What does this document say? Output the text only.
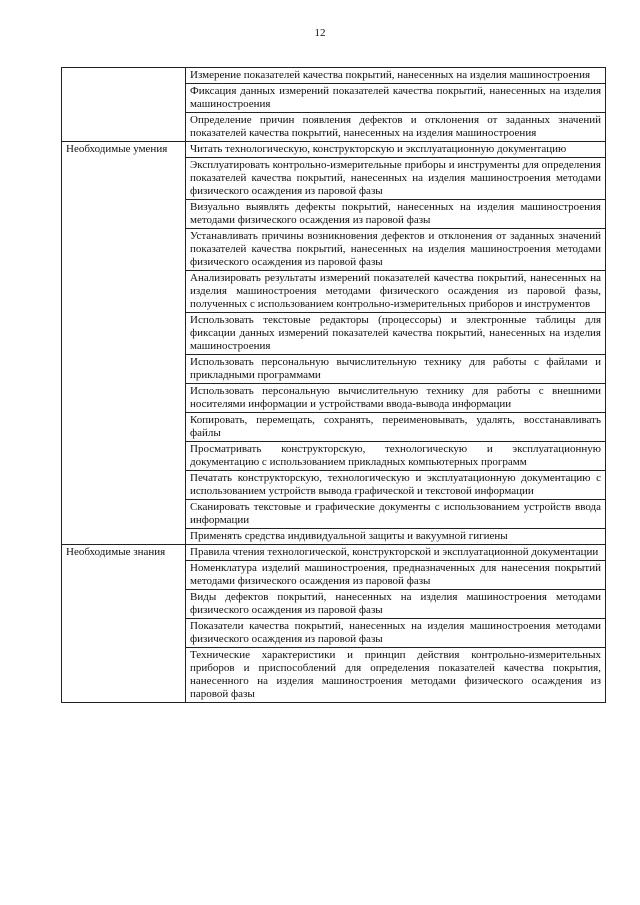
12
	Измерение показателей качества покрытий, нанесенных на изделия машиностроения
	Фиксация данных измерений показателей качества покрытий, нанесенных на изделия машиностроения
	Определение причин появления дефектов и отклонения от заданных значений показателей качества покрытий, нанесенных на изделия машиностроения
Необходимые умения	Читать технологическую, конструкторскую и эксплуатационную документацию
	Эксплуатировать контрольно-измерительные приборы и инструменты для определения показателей качества покрытий, нанесенных на изделия машиностроения методами физического осаждения из паровой фазы
	Визуально выявлять дефекты покрытий, нанесенных на изделия машиностроения методами физического осаждения из паровой фазы
	Устанавливать причины возникновения дефектов и отклонения от заданных значений показателей качества покрытий, нанесенных на изделия машиностроения методами физического осаждения из паровой фазы
	Анализировать результаты измерений показателей качества покрытий, нанесенных на изделия машиностроения методами физического осаждения из паровой фазы, полученных с использованием контрольно-измерительных приборов и инструментов
	Использовать текстовые редакторы (процессоры) и электронные таблицы для фиксации данных измерений показателей качества покрытий, нанесенных на изделия машиностроения
	Использовать персональную вычислительную технику для работы с файлами и прикладными программами
	Использовать персональную вычислительную технику для работы с внешними носителями информации и устройствами ввода-вывода информации
	Копировать, перемещать, сохранять, переименовывать, удалять, восстанавливать файлы
	Просматривать конструкторскую, технологическую и эксплуатационную документацию с использованием прикладных компьютерных программ
	Печатать конструкторскую, технологическую и эксплуатационную документацию с использованием устройств вывода графической и текстовой информации
	Сканировать текстовые и графические документы с использованием устройств ввода информации
	Применять средства индивидуальной защиты и вакуумной гигиены
Необходимые знания	Правила чтения технологической, конструкторской и эксплуатационной документации
	Номенклатура изделий машиностроения, предназначенных для нанесения покрытий методами физического осаждения из паровой фазы
	Виды дефектов покрытий, нанесенных на изделия машиностроения методами физического осаждения из паровой фазы
	Показатели качества покрытий, нанесенных на изделия машиностроения методами физического осаждения из паровой фазы
	Технические характеристики и принцип действия контрольно-измерительных приборов и приспособлений для определения показателей качества покрытия, нанесенного на изделия машиностроения методами физического осаждения из паровой фазы
